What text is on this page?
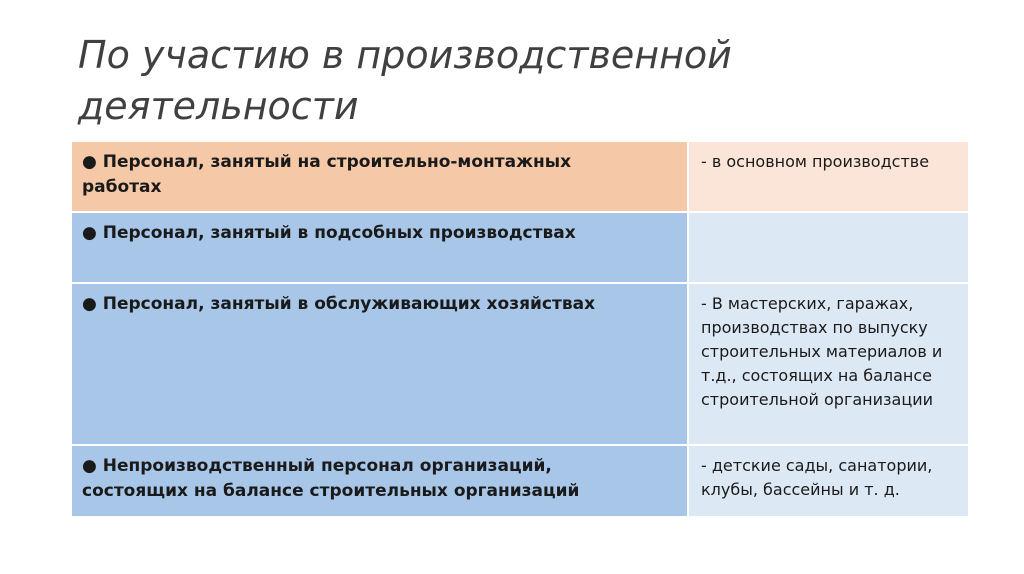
По участию в производственной
деятельности
● Персонал, занятый на строительно-монтажных
работах	- в основном производстве

● Персонал, занятый в подсобных производствах	

● Персонал, занятый в обслуживающих хозяйствах	- В мастерских, гаражах,
производствах по выпуску
строительных материалов и
т.д., состоящих на балансе
строительной организации

● Непроизводственный персонал организаций,
состоящих на балансе строительных организаций	- детские сады, санатории,
клубы, бассейны и т. д.
